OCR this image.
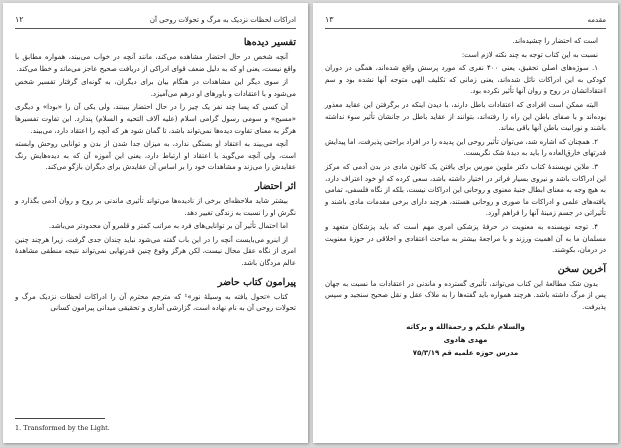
ادراکات لحظات نزدیک به مرگ و تحولات روحی آن
۱۲
تفسیر دیده‌ها

آنچه شخص در حال احتضار مشاهده می‌کند، مانند آنچه در خواب می‌بیند، همواره مطابق با واقع نیست، یعنی او که به دلیل ضعف قوای ادراکی از دریافت صحیح عاجز می‌ماند و خطا می‌کند.

از سوی دیگر این مشاهدات در هنگام بیان برای دیگران، به گونه‌ای گرفتار تفسیر شخص می‌شود و با اعتقادات و باورهای او درهم می‌آمیزد.

آن کسی که پسا چند نفر یک چیز را در حال احتضار ببینند، ولی یکی آن را «بودا» و دیگری «مسیح» و سومی رسول گرامی اسلام (علیه آلاف التحیه و السلام) پندارد. این تفاوت تفسیرها هرگز به معنای تفاوت دیده‌ها نمی‌تواند باشد، تا گمان شود هر که آنچه را اعتقاد دارد، می‌بیند.

آنچه می‌بیند به اعتقاد او بستگی ندارد، به میزان جدا شدن از بدن و توانایی روحش وابسته است، ولی آنچه می‌گوید با اعتقاد او ارتباط دارد، یعنی این آموزه آن که به دیده‌هایش رنگ عقایدش را می‌زند و مشاهدات خود را بر اساس آن عقایدش برای دیگران بازگو می‌کند.

اثر احتضار

بیشتر شاید ملاحظه‌ای برخی از نادیده‌ها می‌تواند تأثیری ماندنی بر روح و روان آدمی بگذارد و نگرش او را نسبت به زندگی تغییر دهد.

اما احتمال تأثیر آن بر توانایی‌های فرد به مراتب کمتر و قلمرو آن محدودتر می‌باشد.

از اینرو می‌بایست آنچه را در این باب گفته می‌شود نباید چندان جدی گرفت، زیرا هرچند چنین امری از نگاه عقل محال نیست، لکن هرگز وقوع چنین قدرتهایی نمی‌تواند نتیجه منطقی مشاهدهٔ عالم مردگان باشد.

پیرامون کتاب حاضر

کتاب «تحول یافته به وسیلهٔ نور»¹ که مترجم محترم آن را ادراکات لحظات نزدیک مرگ و تحولات روحی آن به نام نهاده است، گزارشی آماری و تحقیقی میدانی پیرامون کسانی

1. Transformed by the Light.
مقدمه
۱۳

است که احتضار را چشیده‌اند.

نسبت به این کتاب توجه به چند نکته لازم است:

۱. سوژه‌های اصلی تحقیق، یعنی ۴۰۰ نفری که مورد پرسش واقع شده‌اند، همگی در دوران کودکی به این ادراکات نائل شده‌اند، یعنی زمانی که تکلیف الهی متوجه آنها نشده بود و سم اعتقاداتشان در روح و روان آنها تأثیر نکرده بود.

البته ممکن است افرادی که اعتقادات باطل دارند، با دیدن اینکه در برگرفتن این عقاید معذور بوده‌اند و با صفای باطن این راه را رفته‌اند، بتوانند از عقاید باطل در جانشان تأثیر سوء نداشته باشند و نورانیت باطن آنها باقی بماند.

۲. همچنان که اشاره شد، می‌توان تأثیر روحی این پدیده را در افراد براحتی پذیرفت، اما پیدایش قدرتهای خارق‌العاده را باید به دیدهٔ شک نگریست.

۳. ملاین نویسندهٔ کتاب دکتر ملوین مورس برای یافتن یک کانون مادی در بدن آدمی که مرکز این ادراکات باشد و نیروی بسیار فراتر در اختیار داشته باشد، سعی کرده که او خود اعتراف دارد، به هیچ وجه به معنای ابطال جنبهٔ معنوی و روحانی این ادراکات نیست، بلکه از نگاه فلسفی، تمامی یافته‌های علمی و ادراکات ما صوری و روحانی هستند، هرچند دارای برخی مقدمات مادی باشند و تأثیراتی در جسم زمینهٔ آنها را فراهم آورد.

۴. توجه نویسنده به معنویت در حرفهٔ پزشکی امری مهم است که باید پزشکان متعهد و مسلمان ما به آن اهمیت ورزند و با مراجعهٔ بیشتر به مباحث اعتقادی و اخلاقی در حوزهٔ معنویت در درمان، بکوشند.

آخرین سخن

بدون شک مطالعهٔ این کتاب می‌تواند، تأثیری گسترده و ماندنی در اعتقادات ما نسبت به جهان پس از مرگ داشته باشد. هرچند همواره باید گفته‌ها را به ملاک عقل و نقل صحیح سنجید و سپس پذیرفت.

والسلام علیکم و رحمةالله و برکاته
مهدی هادوی
مدرس حوزه علمیه قم ۷۵/۳/۱۹
